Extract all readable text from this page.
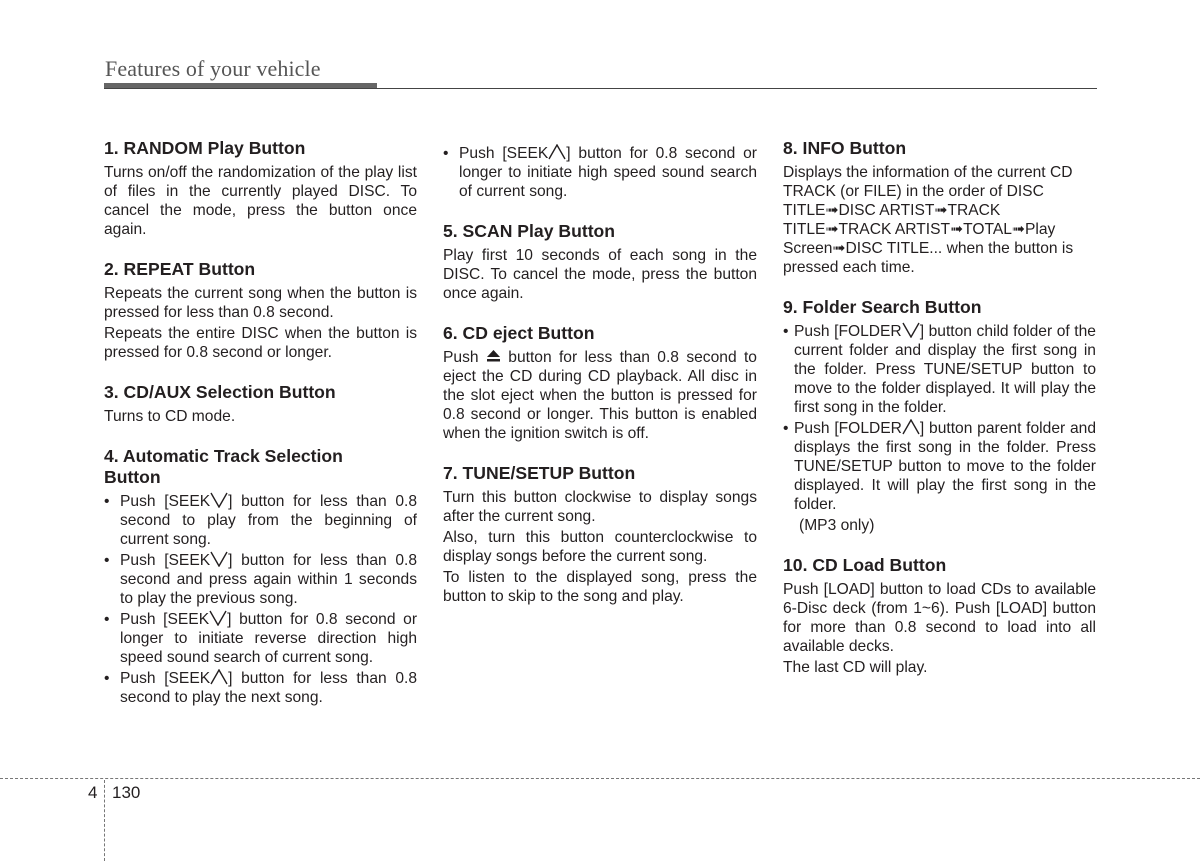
Features of your vehicle
1. RANDOM Play Button

Turns on/off the randomization of the play list of files in the currently played DISC. To cancel the mode, press the button once again.

2. REPEAT Button

Repeats the current song when the button is pressed for less than 0.8 second.

Repeats the entire DISC when the button is pressed for 0.8 second or longer.

3. CD/AUX Selection Button

Turns to CD mode.

4. Automatic Track Selection Button
• Push [SEEK ] button for less than 0.8 second to play from the beginning of current song.
• Push [SEEK ] button for less than 0.8 second and press again within 1 seconds to play the previous song.
• Push [SEEK ] button for 0.8 second or longer to initiate reverse direction high speed sound search of current song.
• Push [SEEK ] button for less than 0.8 second to play the next song.
• Push [SEEK ] button for 0.8 second or longer to initiate high speed sound search of current song.
5. SCAN Play Button

Play first 10 seconds of each song in the DISC. To cancel the mode, press the button once again.

6. CD eject Button

Push button for less than 0.8 second to eject the CD during CD playback. All disc in the slot eject when the button is pressed for 0.8 second or longer. This button is enabled when the ignition switch is off.

7. TUNE/SETUP Button

Turn this button clockwise to display songs after the current song.

Also, turn this button counterclockwise to display songs before the current song.

To listen to the displayed song, press the button to skip to the song and play.

8. INFO Button

Displays the information of the current CD TRACK (or FILE) in the order of DISC TITLE➟DISC ARTIST➟TRACK TITLE➟TRACK ARTIST➟TOTAL➟Play Screen➟DISC TITLE... when the button is pressed each time.

9. Folder Search Button
• Push [FOLDER ] button child folder of the current folder and display the first song in the folder. Press TUNE/SETUP button to move to the folder displayed. It will play the first song in the folder.
• Push [FOLDER ] button parent folder and displays the first song in the folder. Press TUNE/SETUP button to move to the folder displayed. It will play the first song in the folder.
(MP3 only)
10. CD Load Button

Push [LOAD] button to load CDs to available 6-Disc deck (from 1~6). Push [LOAD] button for more than 0.8 second to load into all available decks.

The last CD will play.

4 130
